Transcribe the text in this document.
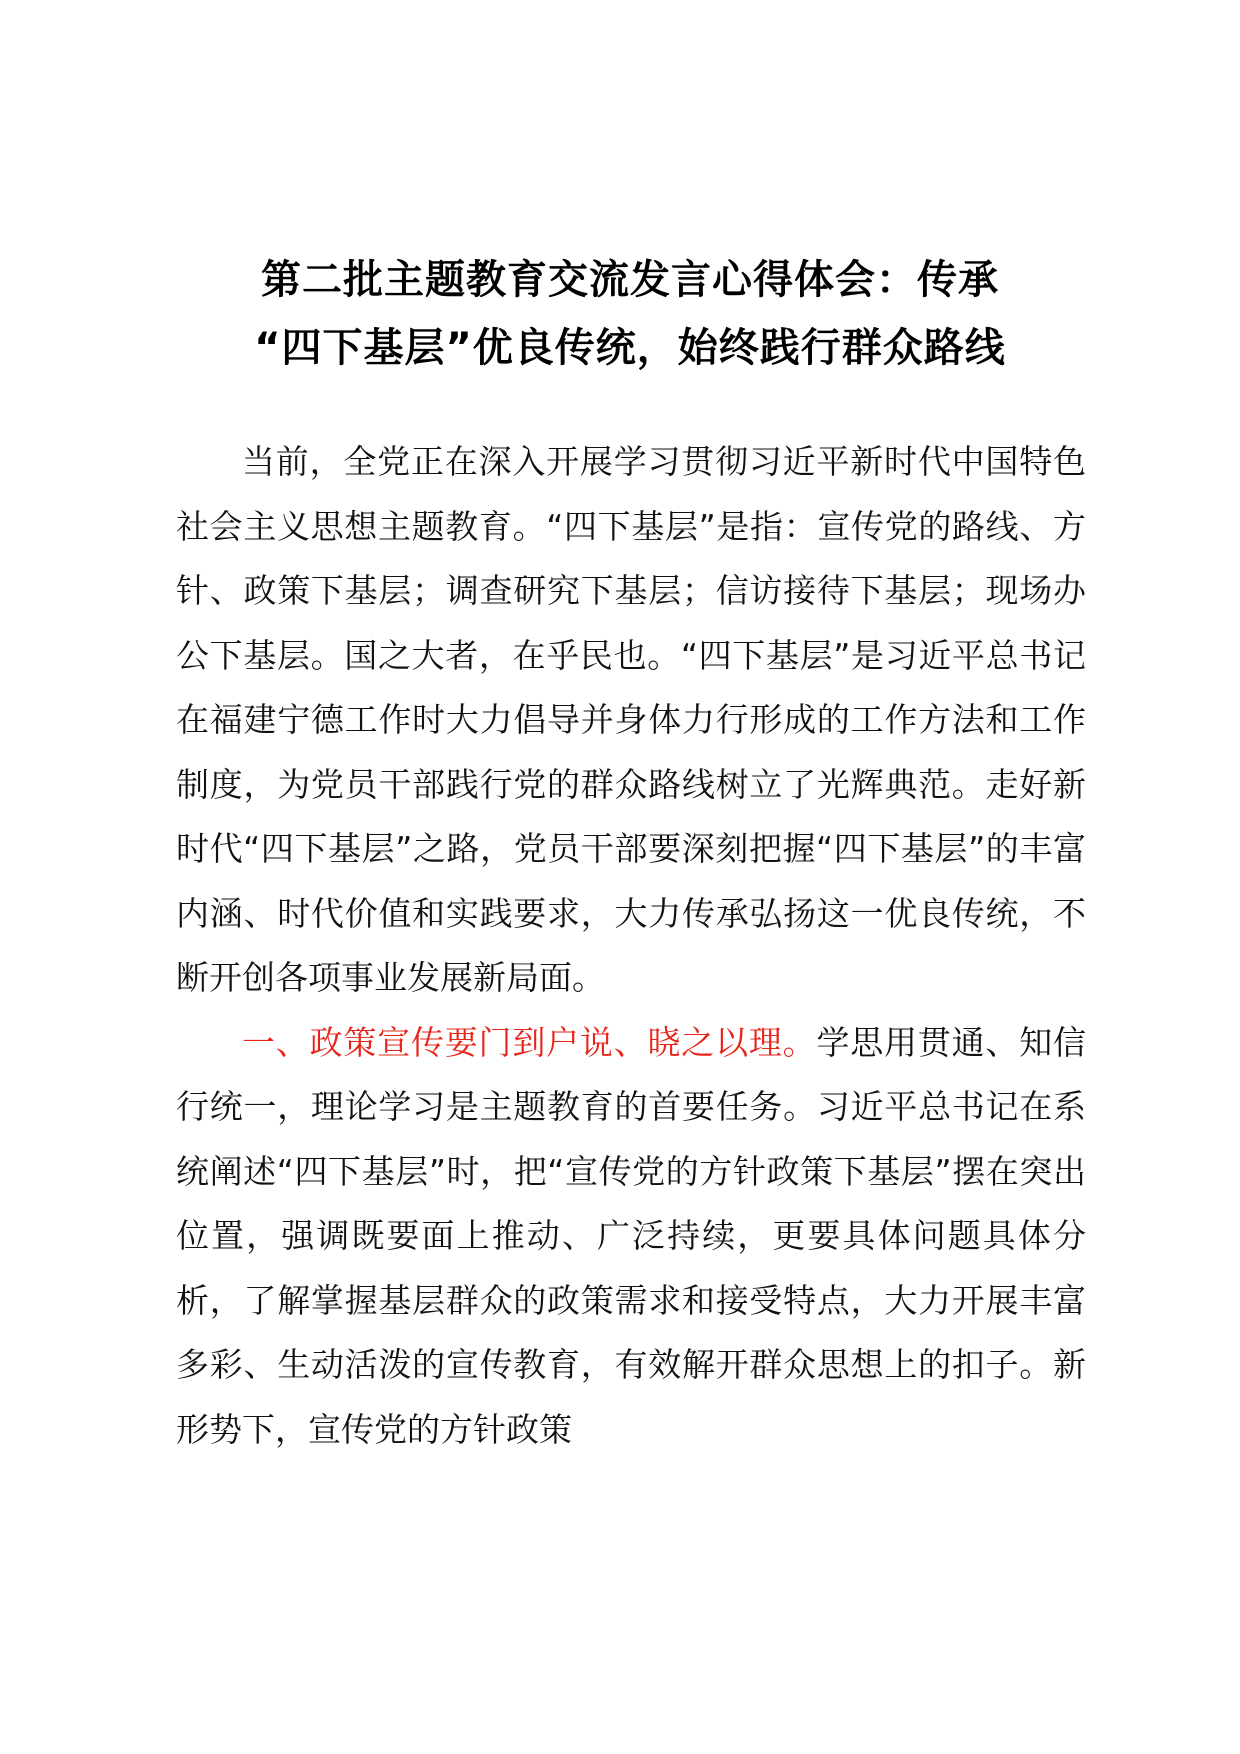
第二批主题教育交流发言心得体会：传承
“四下基层”优良传统，始终践行群众路线

当前，全党正在深入开展学习贯彻习近平新时代中国特色社会主义思想主题教育。“四下基层”是指：宣传党的路线、方针、政策下基层；调查研究下基层；信访接待下基层；现场办公下基层。国之大者，在乎民也。“四下基层”是习近平总书记在福建宁德工作时大力倡导并身体力行形成的工作方法和工作制度，为党员干部践行党的群众路线树立了光辉典范。走好新时代“四下基层”之路，党员干部要深刻把握“四下基层”的丰富内涵、时代价值和实践要求，大力传承弘扬这一优良传统，不断开创各项事业发展新局面。

一、政策宣传要门到户说、晓之以理。学思用贯通、知信行统一，理论学习是主题教育的首要任务。习近平总书记在系统阐述“四下基层”时，把“宣传党的方针政策下基层”摆在突出位置，强调既要面上推动、广泛持续，更要具体问题具体分析，了解掌握基层群众的政策需求和接受特点，大力开展丰富多彩、生动活泼的宣传教育，有效解开群众思想上的扣子。新形势下，宣传党的方针政策
